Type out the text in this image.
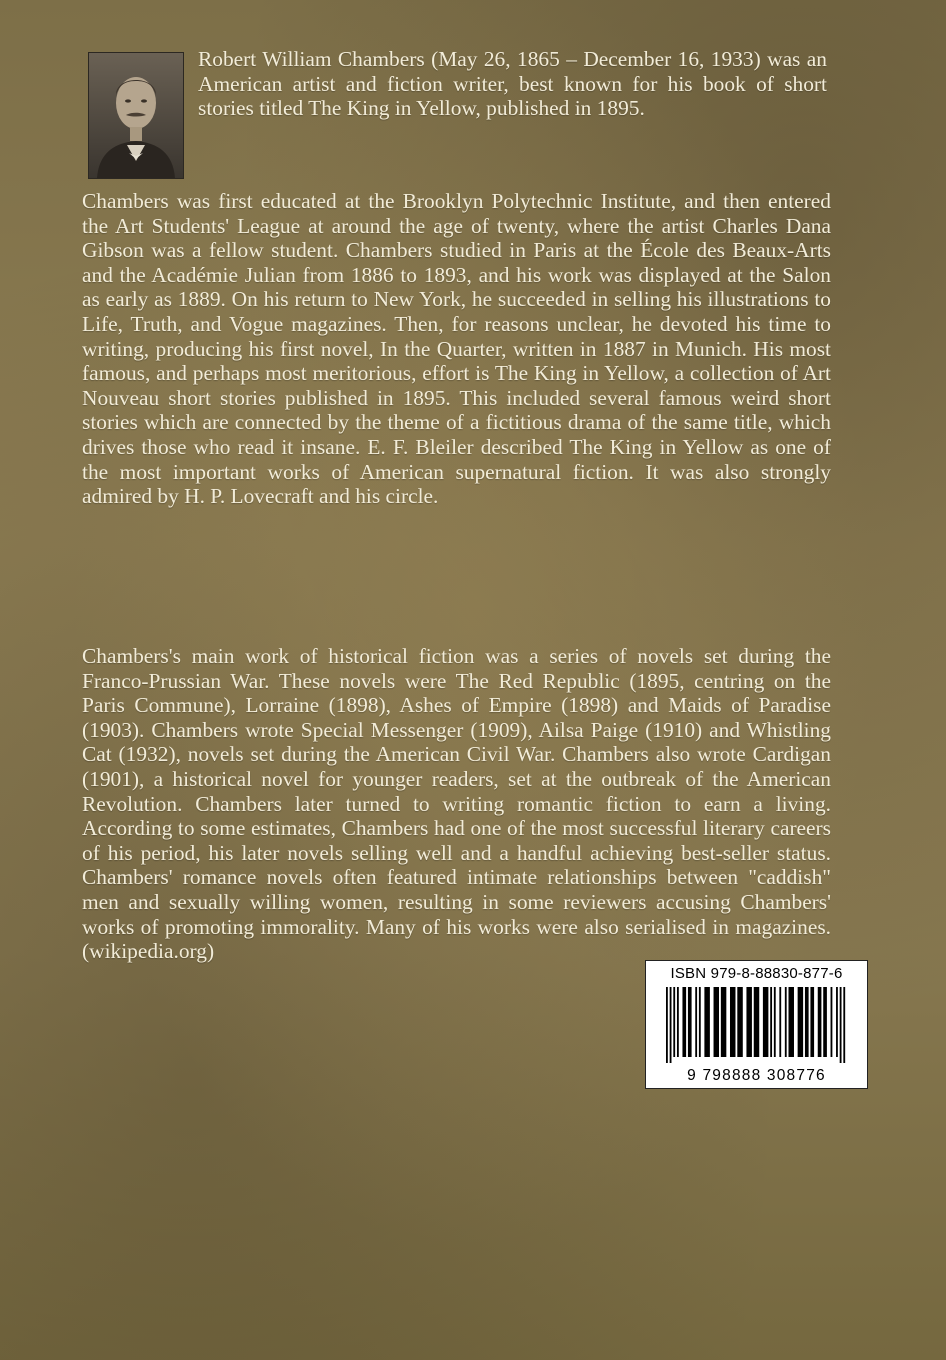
Robert William Chambers (May 26, 1865 – December 16, 1933) was an American artist and fiction writer, best known for his book of short stories titled The King in Yellow, published in 1895.
Chambers was first educated at the Brooklyn Polytechnic Institute, and then entered the Art Students' League at around the age of twenty, where the artist Charles Dana Gibson was a fellow student. Chambers studied in Paris at the École des Beaux-Arts and the Académie Julian from 1886 to 1893, and his work was displayed at the Salon as early as 1889. On his return to New York, he succeeded in selling his illustrations to Life, Truth, and Vogue magazines. Then, for reasons unclear, he devoted his time to writing, producing his first novel, In the Quarter, written in 1887 in Munich. His most famous, and perhaps most meritorious, effort is The King in Yellow, a collection of Art Nouveau short stories published in 1895. This included several famous weird short stories which are connected by the theme of a fictitious drama of the same title, which drives those who read it insane. E. F. Bleiler described The King in Yellow as one of the most important works of American supernatural fiction. It was also strongly admired by H. P. Lovecraft and his circle.
Chambers's main work of historical fiction was a series of novels set during the Franco-Prussian War. These novels were The Red Republic (1895, centring on the Paris Commune), Lorraine (1898), Ashes of Empire (1898) and Maids of Paradise (1903). Chambers wrote Special Messenger (1909), Ailsa Paige (1910) and Whistling Cat (1932), novels set during the American Civil War. Chambers also wrote Cardigan (1901), a historical novel for younger readers, set at the outbreak of the American Revolution. Chambers later turned to writing romantic fiction to earn a living. According to some estimates, Chambers had one of the most successful literary careers of his period, his later novels selling well and a handful achieving best-seller status. Chambers' romance novels often featured intimate relationships between "caddish" men and sexually willing women, resulting in some reviewers accusing Chambers' works of promoting immorality. Many of his works were also serialised in magazines. (wikipedia.org)
ISBN 979-8-88830-877-6
9 798888 308776
